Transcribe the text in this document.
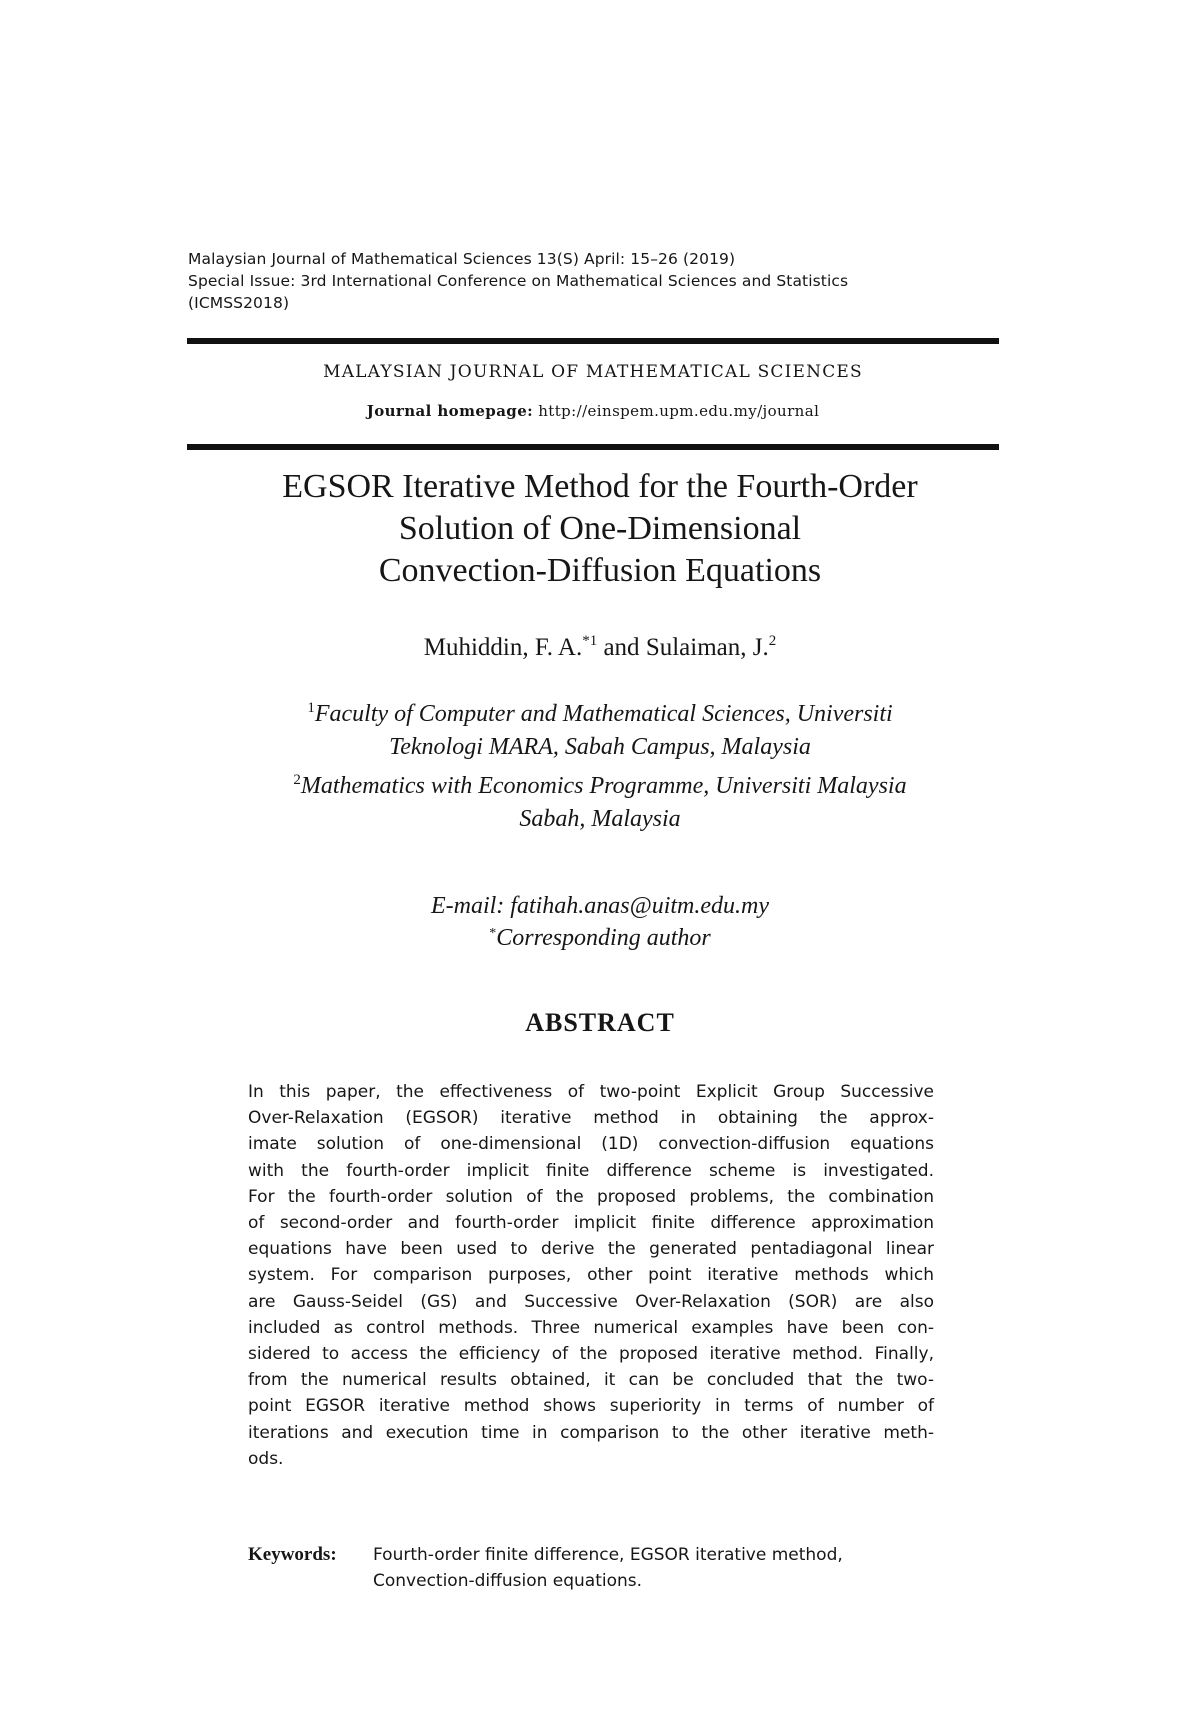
Malaysian Journal of Mathematical Sciences 13(S) April: 15–26 (2019)
Special Issue: 3rd International Conference on Mathematical Sciences and Statistics
(ICMSS2018)
MALAYSIAN JOURNAL OF MATHEMATICAL SCIENCES
Journal homepage: http://einspem.upm.edu.my/journal
EGSOR Iterative Method for the Fourth-Order
Solution of One-Dimensional
Convection-Diffusion Equations
Muhiddin, F. A.$^{*1}$ and Sulaiman, J.$^2$
$^1$Faculty of Computer and Mathematical Sciences, Universiti
Teknologi MARA, Sabah Campus, Malaysia
$^2$Mathematics with Economics Programme, Universiti Malaysia
Sabah, Malaysia
E-mail: fatihah.anas@uitm.edu.my
*Corresponding author
ABSTRACT
In this paper, the effectiveness of two-point Explicit Group Successive
Over-Relaxation (EGSOR) iterative method in obtaining the approx-
imate solution of one-dimensional (1D) convection-diffusion equations
with the fourth-order implicit finite difference scheme is investigated.
For the fourth-order solution of the proposed problems, the combination
of second-order and fourth-order implicit finite difference approximation
equations have been used to derive the generated pentadiagonal linear
system. For comparison purposes, other point iterative methods which
are Gauss-Seidel (GS) and Successive Over-Relaxation (SOR) are also
included as control methods. Three numerical examples have been con-
sidered to access the efficiency of the proposed iterative method. Finally,
from the numerical results obtained, it can be concluded that the two-
point EGSOR iterative method shows superiority in terms of number of
iterations and execution time in comparison to the other iterative meth-
ods.
Keywords: Fourth-order finite difference, EGSOR iterative method,
Convection-diffusion equations.
